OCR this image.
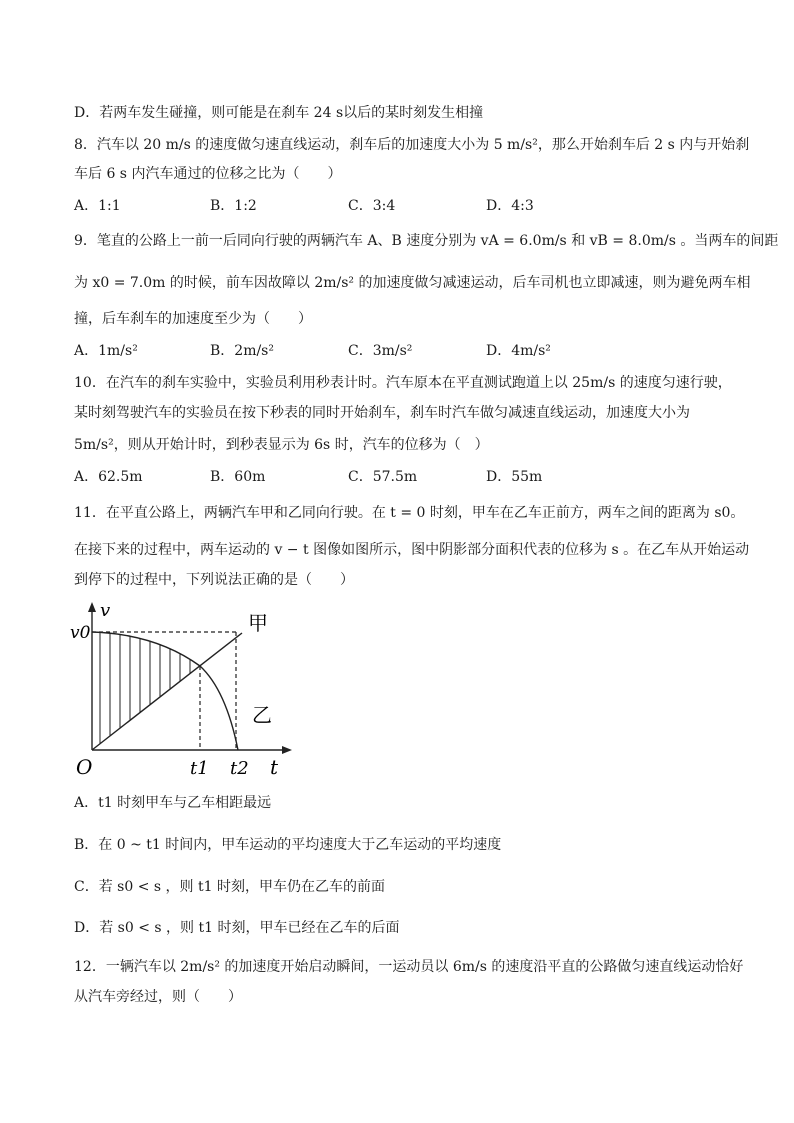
D．若两车发生碰撞，则可能是在刹车 24 s以后的某时刻发生相撞
8．汽车以 20 m/s 的速度做匀速直线运动，刹车后的加速度大小为 5 m/s²，那么开始刹车后 2 s 内与开始刹
车后 6 s 内汽车通过的位移之比为（　　）
A．1:1	B．1:2	C．3:4	D．4:3
9．笔直的公路上一前一后同向行驶的两辆汽车 A、B 速度分别为 vA = 6.0m/s 和 vB = 8.0m/s 。当两车的间距
为 x0 = 7.0m 的时候，前车因故障以 2m/s² 的加速度做匀减速运动，后车司机也立即减速，则为避免两车相
撞，后车刹车的加速度至少为（　　）
A．1m/s²	B．2m/s²	C．3m/s²	D．4m/s²
10．在汽车的刹车实验中，实验员利用秒表计时。汽车原本在平直测试跑道上以 25m/s 的速度匀速行驶，
某时刻驾驶汽车的实验员在按下秒表的同时开始刹车，刹车时汽车做匀减速直线运动，加速度大小为
5m/s²，则从开始计时，到秒表显示为 6s 时，汽车的位移为（　）
A．62.5m	B．60m	C．57.5m	D．55m
11．在平直公路上，两辆汽车甲和乙同向行驶。在 t = 0 时刻，甲车在乙车正前方，两车之间的距离为 s0。
在接下来的过程中，两车运动的 v − t 图像如图所示，图中阴影部分面积代表的位移为 s 。在乙车从开始运动
到停下的过程中，下列说法正确的是（　　）
v
v0
O	t1 t2 t
甲
乙
A．t1 时刻甲车与乙车相距最远
B．在 0 ~ t1 时间内，甲车运动的平均速度大于乙车运动的平均速度
C．若 s0 < s ，则 t1 时刻，甲车仍在乙车的前面
D．若 s0 < s ，则 t1 时刻，甲车已经在乙车的后面
12．一辆汽车以 2m/s² 的加速度开始启动瞬间，一运动员以 6m/s 的速度沿平直的公路做匀速直线运动恰好
从汽车旁经过，则（　　）
